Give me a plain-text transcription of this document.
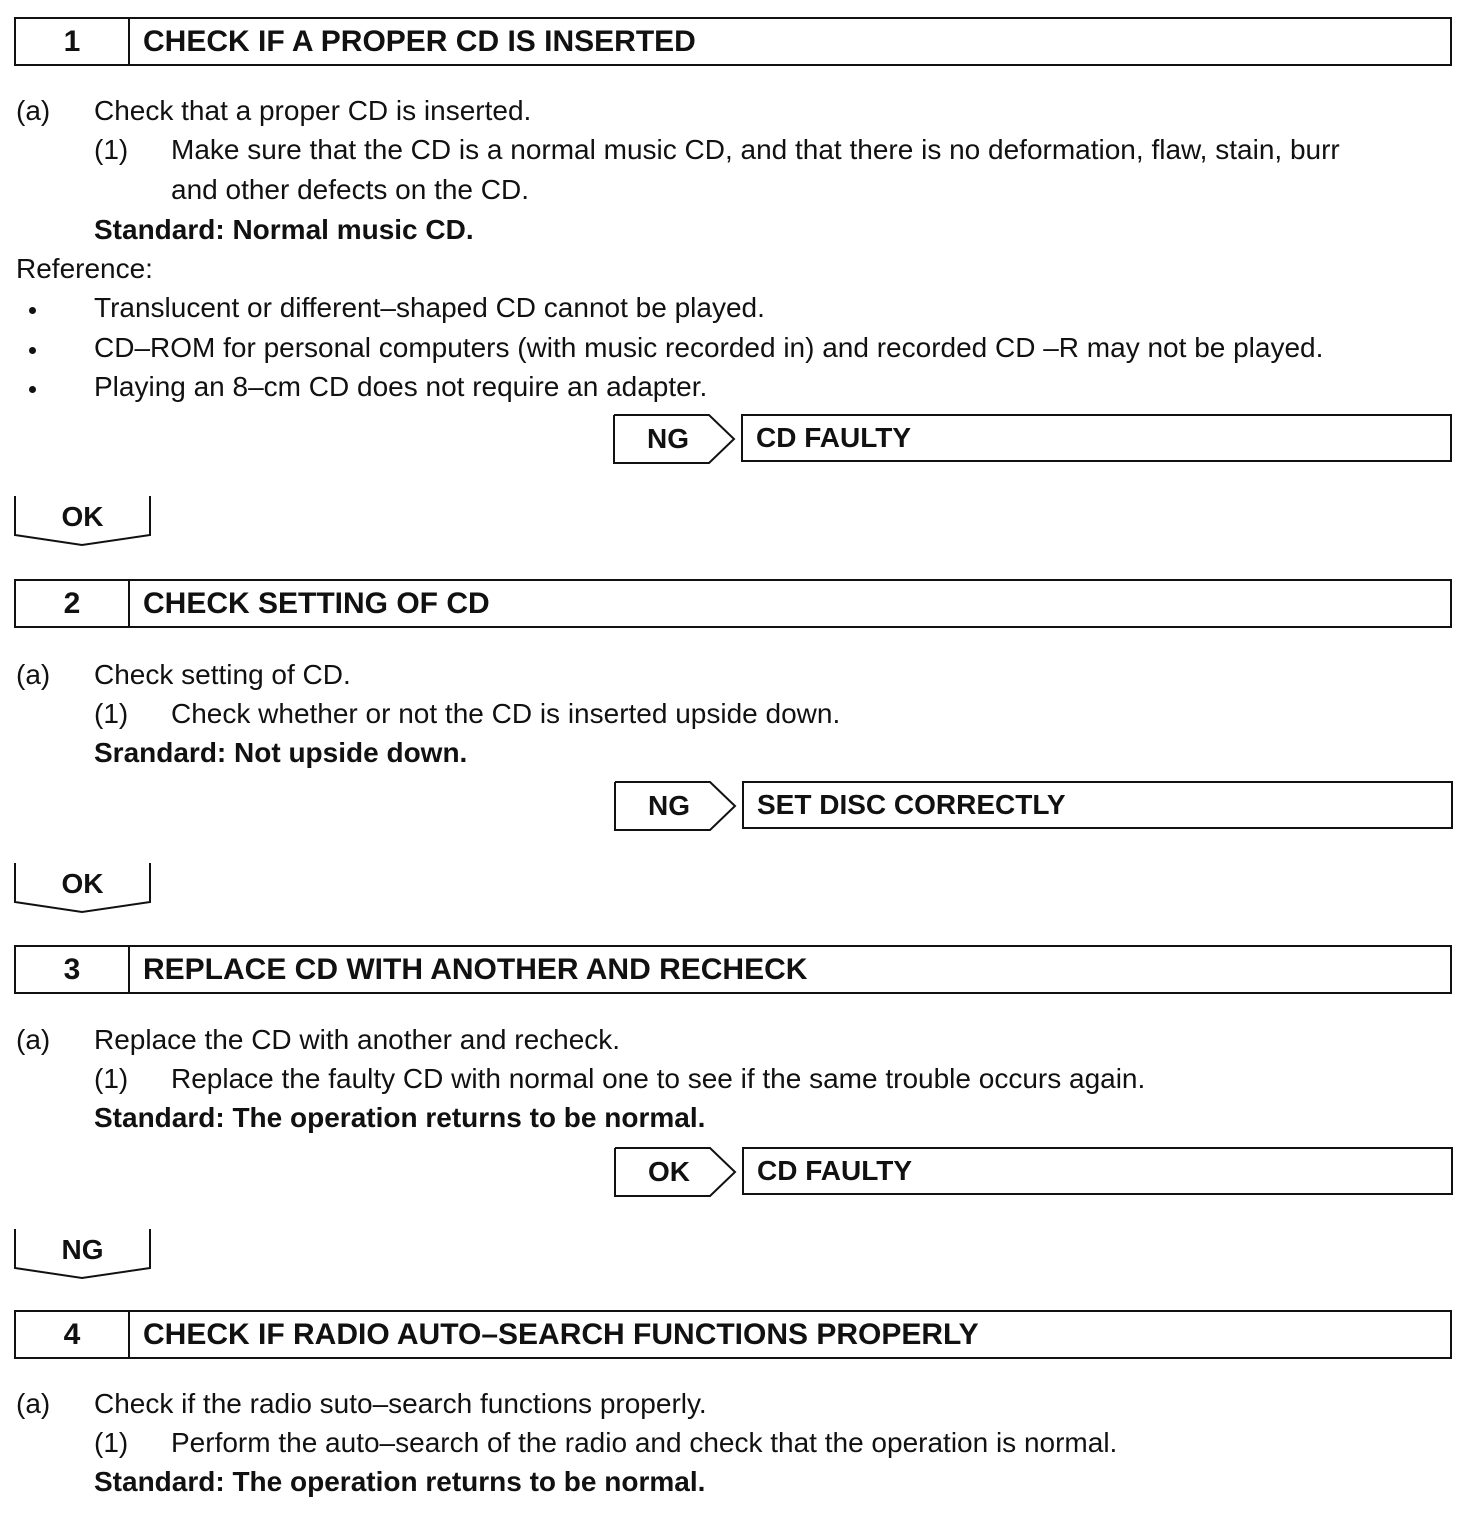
1	CHECK IF A PROPER CD IS INSERTED
(a) Check that a proper CD is inserted.
(1) Make sure that the CD is a normal music CD, and that there is no deformation, flaw, stain, burr
and other defects on the CD.
Standard: Normal music CD.
Reference:
Translucent or different–shaped CD cannot be played.
CD–ROM for personal computers (with music recorded in) and recorded CD –R may not be played.
Playing an 8–cm CD does not require an adapter.
NG	CD FAULTY
OK
2	CHECK SETTING OF CD
(a) Check setting of CD.
(1) Check whether or not the CD is inserted upside down.
Srandard: Not upside down.
NG	SET DISC CORRECTLY
OK
3	REPLACE CD WITH ANOTHER AND RECHECK
(a) Replace the CD with another and recheck.
(1) Replace the faulty CD with normal one to see if the same trouble occurs again.
Standard: The operation returns to be normal.
OK	CD FAULTY
NG
4	CHECK IF RADIO AUTO–SEARCH FUNCTIONS PROPERLY
(a) Check if the radio suto–search functions properly.
(1) Perform the auto–search of the radio and check that the operation is normal.
Standard: The operation returns to be normal.
